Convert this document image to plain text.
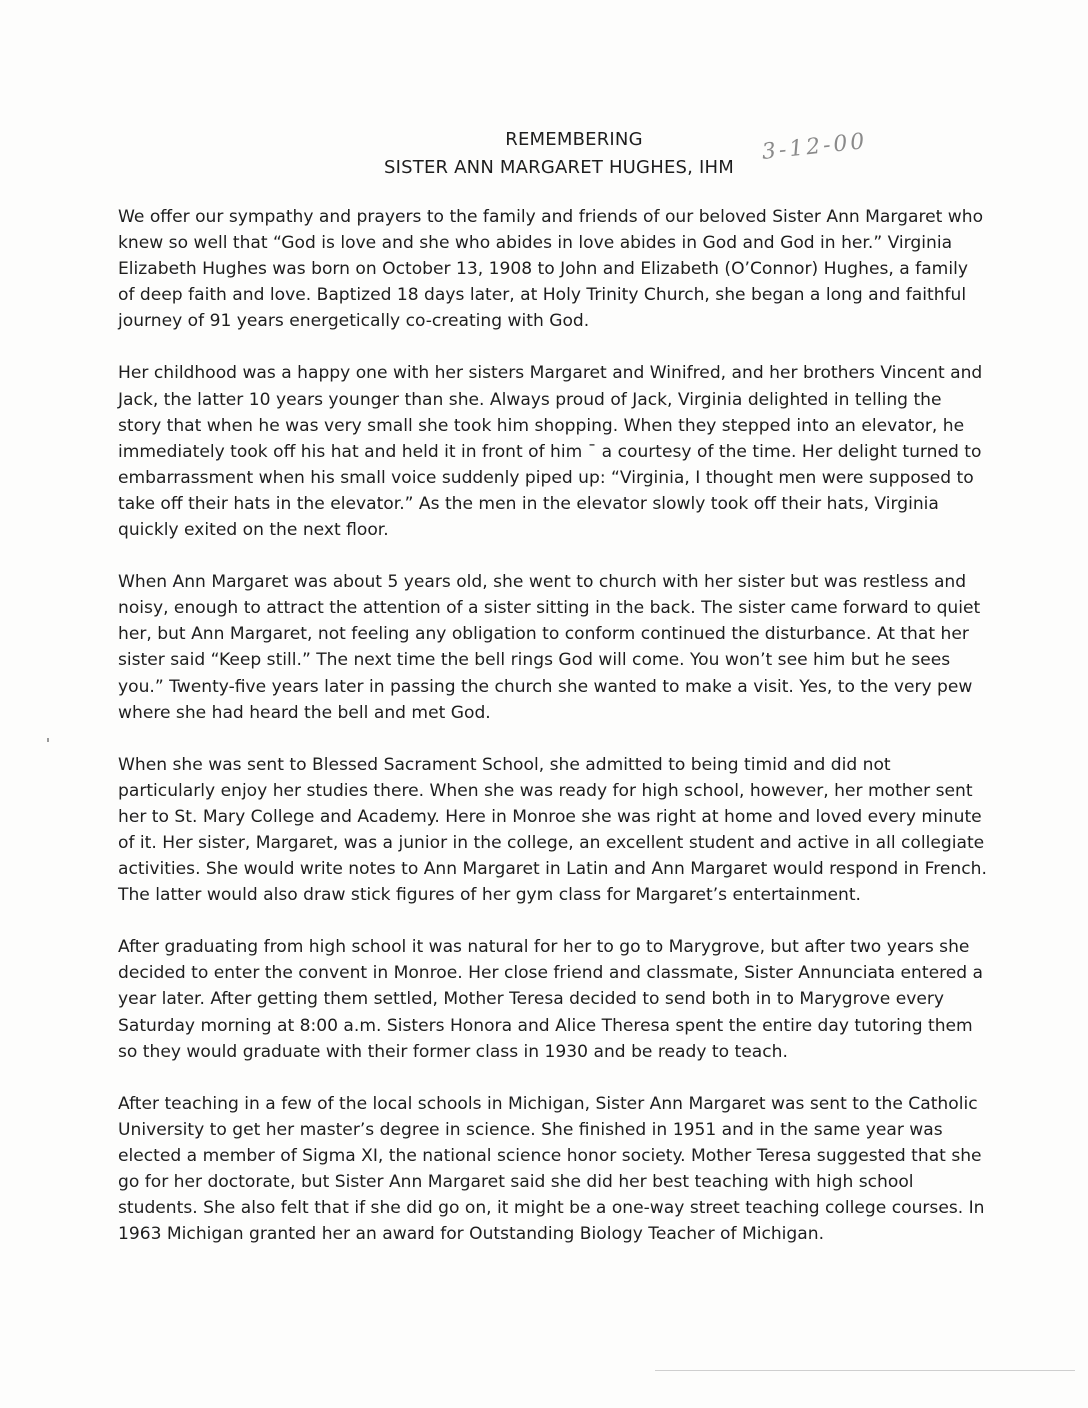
REMEMBERING
SISTER ANN MARGARET HUGHES, IHM
3-12-00

We offer our sympathy and prayers to the family and friends of our beloved Sister Ann Margaret who knew so well that “God is love and she who abides in love abides in God and God in her.” Virginia Elizabeth Hughes was born on October 13, 1908 to John and Elizabeth (O’Connor) Hughes, a family of deep faith and love. Baptized 18 days later, at Holy Trinity Church, she began a long and faithful journey of 91 years energetically co-creating with God.

Her childhood was a happy one with her sisters Margaret and Winifred, and her brothers Vincent and Jack, the latter 10 years younger than she. Always proud of Jack, Virginia delighted in telling the story that when he was very small she took him shopping. When they stepped into an elevator, he immediately took off his hat and held it in front of him ˉ a courtesy of the time. Her delight turned to embarrassment when his small voice suddenly piped up: “Virginia, I thought men were supposed to take off their hats in the elevator.” As the men in the elevator slowly took off their hats, Virginia quickly exited on the next floor.

When Ann Margaret was about 5 years old, she went to church with her sister but was restless and noisy, enough to attract the attention of a sister sitting in the back. The sister came forward to quiet her, but Ann Margaret, not feeling any obligation to conform continued the disturbance. At that her sister said “Keep still.” The next time the bell rings God will come. You won’t see him but he sees you.” Twenty-five years later in passing the church she wanted to make a visit. Yes, to the very pew where she had heard the bell and met God.

When she was sent to Blessed Sacrament School, she admitted to being timid and did not particularly enjoy her studies there. When she was ready for high school, however, her mother sent her to St. Mary College and Academy. Here in Monroe she was right at home and loved every minute of it. Her sister, Margaret, was a junior in the college, an excellent student and active in all collegiate activities. She would write notes to Ann Margaret in Latin and Ann Margaret would respond in French. The latter would also draw stick figures of her gym class for Margaret’s entertainment.

After graduating from high school it was natural for her to go to Marygrove, but after two years she decided to enter the convent in Monroe. Her close friend and classmate, Sister Annunciata entered a year later. After getting them settled, Mother Teresa decided to send both in to Marygrove every Saturday morning at 8:00 a.m. Sisters Honora and Alice Theresa spent the entire day tutoring them so they would graduate with their former class in 1930 and be ready to teach.

After teaching in a few of the local schools in Michigan, Sister Ann Margaret was sent to the Catholic University to get her master’s degree in science. She finished in 1951 and in the same year was elected a member of Sigma XI, the national science honor society. Mother Teresa suggested that she go for her doctorate, but Sister Ann Margaret said she did her best teaching with high school students. She also felt that if she did go on, it might be a one-way street teaching college courses. In 1963 Michigan granted her an award for Outstanding Biology Teacher of Michigan.
